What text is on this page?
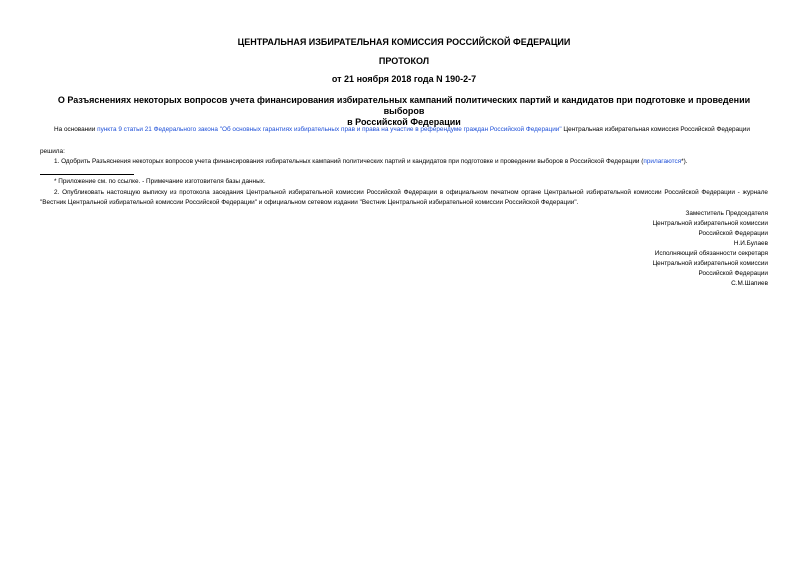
ЦЕНТРАЛЬНАЯ ИЗБИРАТЕЛЬНАЯ КОМИССИЯ РОССИЙСКОЙ ФЕДЕРАЦИИ
ПРОТОКОЛ
от 21 ноября 2018 года N 190-2-7
О Разъяснениях некоторых вопросов учета финансирования избирательных кампаний политических партий и кандидатов при подготовке и проведении выборов
в Российской Федерации
На основании пункта 9 статьи 21 Федерального закона "Об основных гарантиях избирательных прав и права на участие в референдуме граждан Российской Федерации" Центральная избирательная комиссия Российской Федерации
решила:
1. Одобрить Разъяснения некоторых вопросов учета финансирования избирательных кампаний политических партий и кандидатов при подготовке и проведении выборов в Российской Федерации (прилагаются*).
* Приложение см. по ссылке. - Примечание изготовителя базы данных.
2. Опубликовать настоящую выписку из протокола заседания Центральной избирательной комиссии Российской Федерации в официальном печатном органе Центральной избирательной комиссии Российской Федерации - журнале "Вестник Центральной избирательной комиссии Российской Федерации" и официальном сетевом издании "Вестник Центральной избирательной комиссии Российской Федерации".
Заместитель Председателя
Центральной избирательной комиссии
Российской Федерации
Н.И.Булаев
Исполняющий обязанности секретаря
Центральной избирательной комиссии
Российской Федерации
С.М.Шапиев
